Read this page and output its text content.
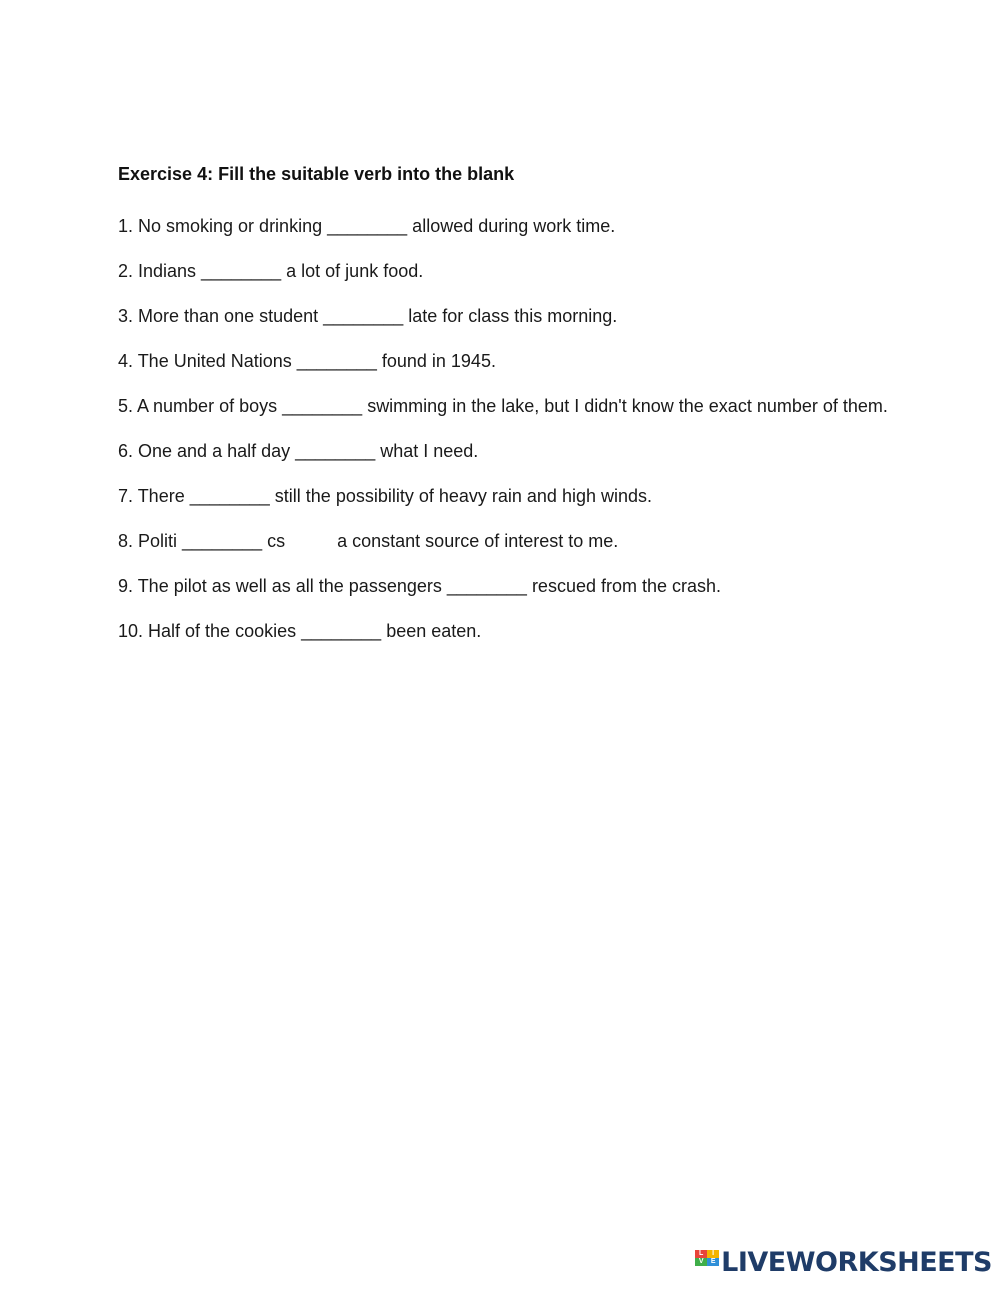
Exercise 4: Fill the suitable verb into the blank

1. No smoking or drinking ________ allowed during work time.

2. Indians ________ a lot of junk food.

3. More than one student ________ late for class this morning.

4. The United Nations ________ found in 1945.

5. A number of boys ________ swimming in the lake, but I didn't know the exact number of them.

6. One and a half day ________ what I need.

7. There ________ still the possibility of heavy rain and high winds.

8. Politi ________ cs	a constant source of interest to me.

9. The pilot as well as all the passengers ________ rescued from the crash.

10. Half of the cookies ________ been eaten.

L	I
V	E LIVEWORKSHEETS
